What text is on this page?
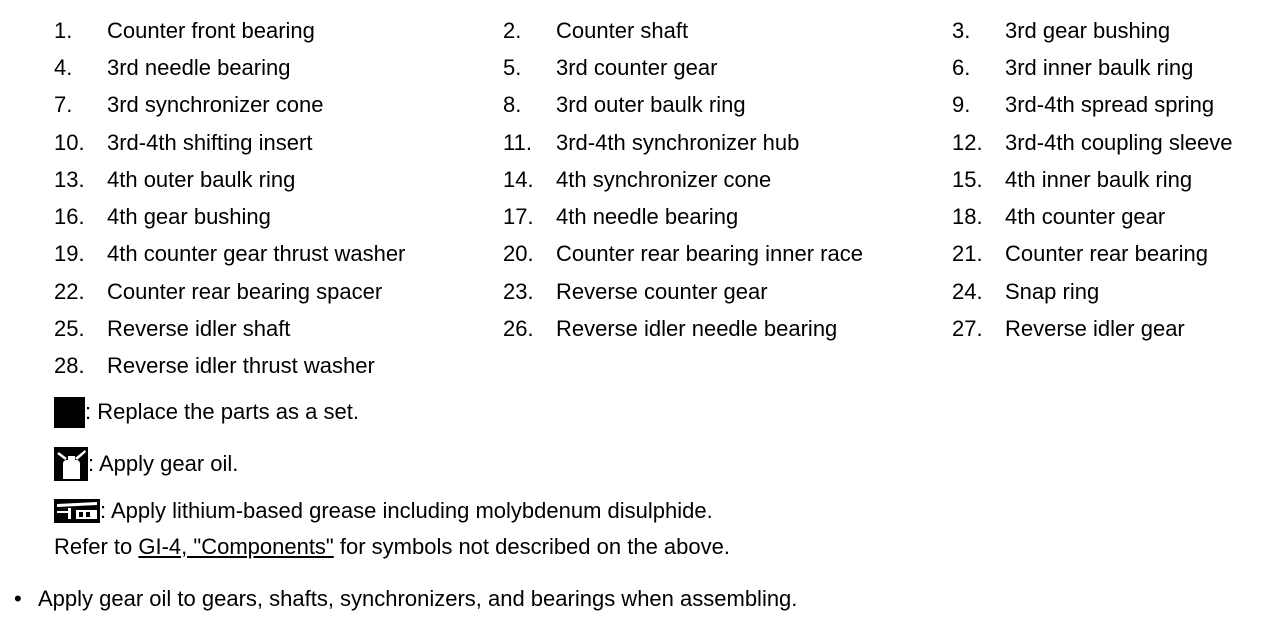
1.	Counter front bearing	2.	Counter shaft	3.	3rd gear bushing
4.	3rd needle bearing	5.	3rd counter gear	6.	3rd inner baulk ring
7.	3rd synchronizer cone	8.	3rd outer baulk ring	9.	3rd-4th spread spring
10.	3rd-4th shifting insert	11.	3rd-4th synchronizer hub	12.	3rd-4th coupling sleeve
13.	4th outer baulk ring	14.	4th synchronizer cone	15.	4th inner baulk ring
16.	4th gear bushing	17.	4th needle bearing	18.	4th counter gear
19.	4th counter gear thrust washer	20.	Counter rear bearing inner race	21.	Counter rear bearing
22.	Counter rear bearing spacer	23.	Reverse counter gear	24.	Snap ring
25.	Reverse idler shaft	26.	Reverse idler needle bearing	27.	Reverse idler gear
28.	Reverse idler thrust washer
: Replace the parts as a set.
: Apply gear oil.
: Apply lithium-based grease including molybdenum disulphide.
Refer to GI-4, "Components" for symbols not described on the above.
• Apply gear oil to gears, shafts, synchronizers, and bearings when assembling.
